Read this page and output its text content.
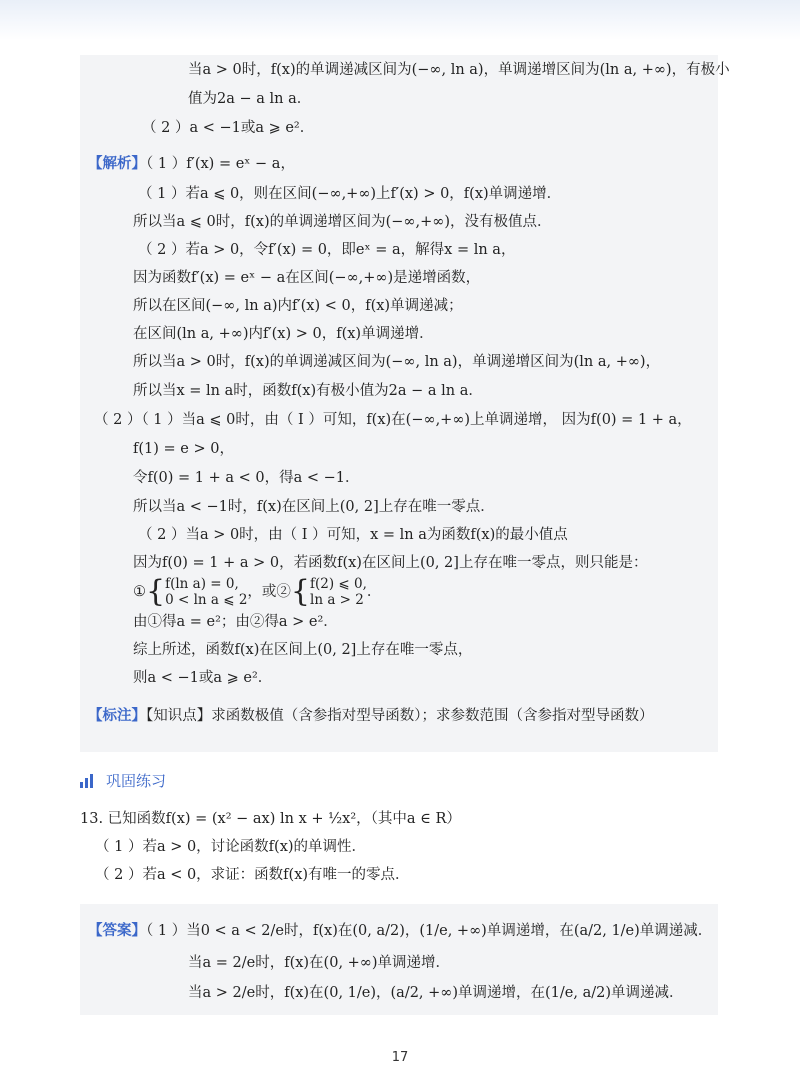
当a > 0时，f(x)的单调递减区间为(−∞, ln a)，单调递增区间为(ln a, +∞)，有极小
值为2a − a ln a．
（ 2 ）a < −1或a ⩾ e²．
【解析】（ 1 ）f′(x) = eˣ − a，
（ 1 ）若a ⩽ 0，则在区间(−∞,+∞)上f′(x) > 0，f(x)单调递增．
所以当a ⩽ 0时，f(x)的单调递增区间为(−∞,+∞)，没有极值点．
（ 2 ）若a > 0，令f′(x) = 0，即eˣ = a，解得x = ln a，
因为函数f′(x) = eˣ − a在区间(−∞,+∞)是递增函数，
所以在区间(−∞, ln a)内f′(x) < 0，f(x)单调递减；
在区间(ln a, +∞)内f′(x) > 0，f(x)单调递增．
所以当a > 0时，f(x)的单调递减区间为(−∞, ln a)，单调递增区间为(ln a, +∞)，
所以当x = ln a时，函数f(x)有极小值为2a − a ln a．
（ 2 ）（ 1 ）当a ⩽ 0时，由（ Ⅰ ）可知，f(x)在(−∞,+∞)上单调递增， 因为f(0) = 1 + a，
f(1) = e > 0，
令f(0) = 1 + a < 0，得a < −1．
所以当a < −1时，f(x)在区间上(0, 2]上存在唯一零点．
（ 2 ）当a > 0时，由（ Ⅰ ）可知，x = ln a为函数f(x)的最小值点
因为f(0) = 1 + a > 0，若函数f(x)在区间上(0, 2]上存在唯一零点，则只能是：
①{f(ln a) = 0,
0 < ln a ⩽ 2，或②{f(2) ⩽ 0,
ln a > 2 ．
由①得a = e²；由②得a > e²．
综上所述，函数f(x)在区间上(0, 2]上存在唯一零点，
则a < −1或a ⩾ e²．
【标注】【知识点】求函数极值（含参指对型导函数）；求参数范围（含参指对型导函数）
巩固练习
13. 已知函数f(x) = (x² − ax) ln x + ½x²，（其中a ∈ R）
（ 1 ）若a > 0，讨论函数f(x)的单调性．
（ 2 ）若a < 0，求证：函数f(x)有唯一的零点．
【答案】（ 1 ）当0 < a < 2/e时，f(x)在(0, a/2)，(1/e, +∞)单调递增，在(a/2, 1/e)单调递减．
当a = 2/e时，f(x)在(0, +∞)单调递增．
当a > 2/e时，f(x)在(0, 1/e)，(a/2, +∞)单调递增，在(1/e, a/2)单调递减．
17
